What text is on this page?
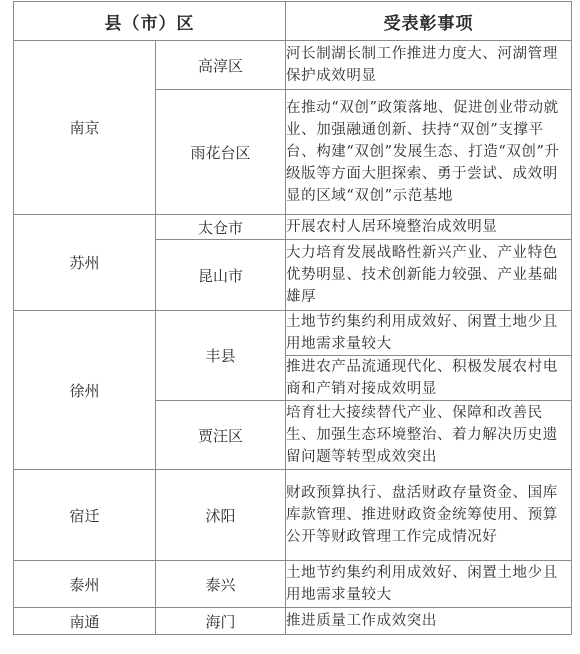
县（市）区		受表彰事项
南京	高淳区	河长制湖长制工作推进力度大、河湖管理保护成效明显
	雨花台区	在推动“双创”政策落地、促进创业带动就业、加强融通创新、扶持“双创”支撑平台、构建“双创”发展生态、打造“双创”升级版等方面大胆探索、勇于尝试、成效明显的区域“双创”示范基地
苏州	太仓市	开展农村人居环境整治成效明显
	昆山市	大力培育发展战略性新兴产业、产业特色优势明显、技术创新能力较强、产业基础雄厚
徐州	丰县	土地节约集约利用成效好、闲置土地少且用地需求量较大
		推进农产品流通现代化、积极发展农村电商和产销对接成效明显
	贾汪区	培育壮大接续替代产业、保障和改善民生、加强生态环境整治、着力解决历史遗留问题等转型成效突出
宿迁	沭阳	财政预算执行、盘活财政存量资金、国库库款管理、推进财政资金统筹使用、预算公开等财政管理工作完成情况好
泰州	泰兴	土地节约集约利用成效好、闲置土地少且用地需求量较大
南通	海门	推进质量工作成效突出
